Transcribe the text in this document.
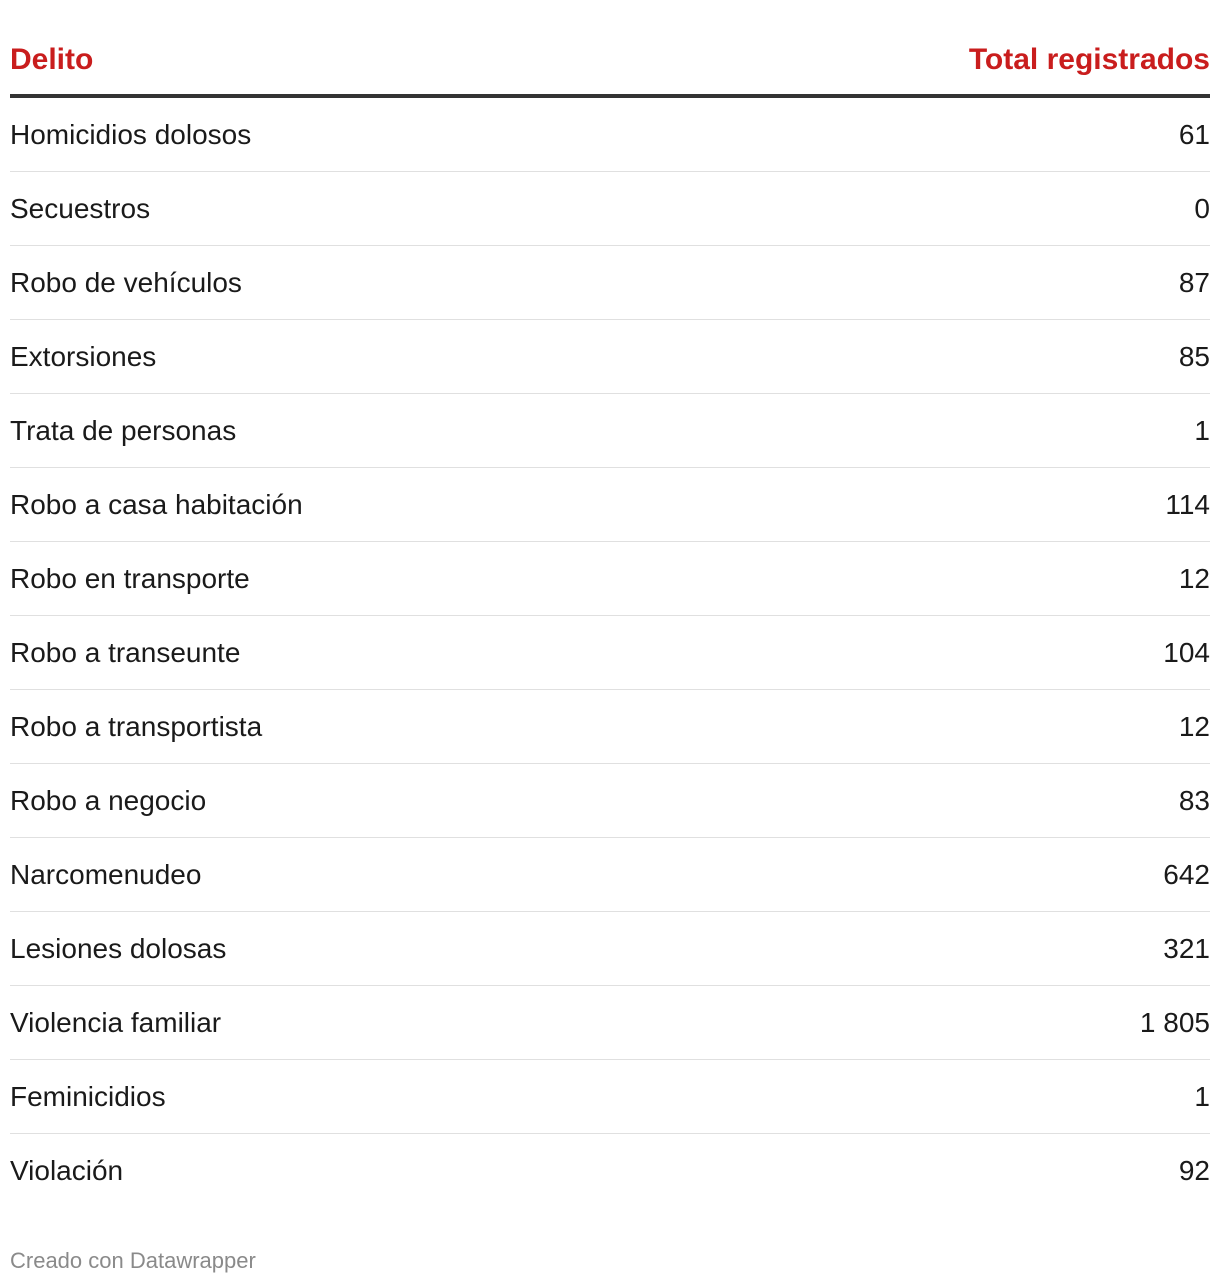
Delito	Total registrados
Homicidios dolosos	61
Secuestros	0
Robo de vehículos	87
Extorsiones	85
Trata de personas	1
Robo a casa habitación	114
Robo en transporte	12
Robo a transeunte	104
Robo a transportista	12
Robo a negocio	83
Narcomenudeo	642
Lesiones dolosas	321
Violencia familiar	1 805
Feminicidios	1
Violación	92
Creado con Datawrapper
